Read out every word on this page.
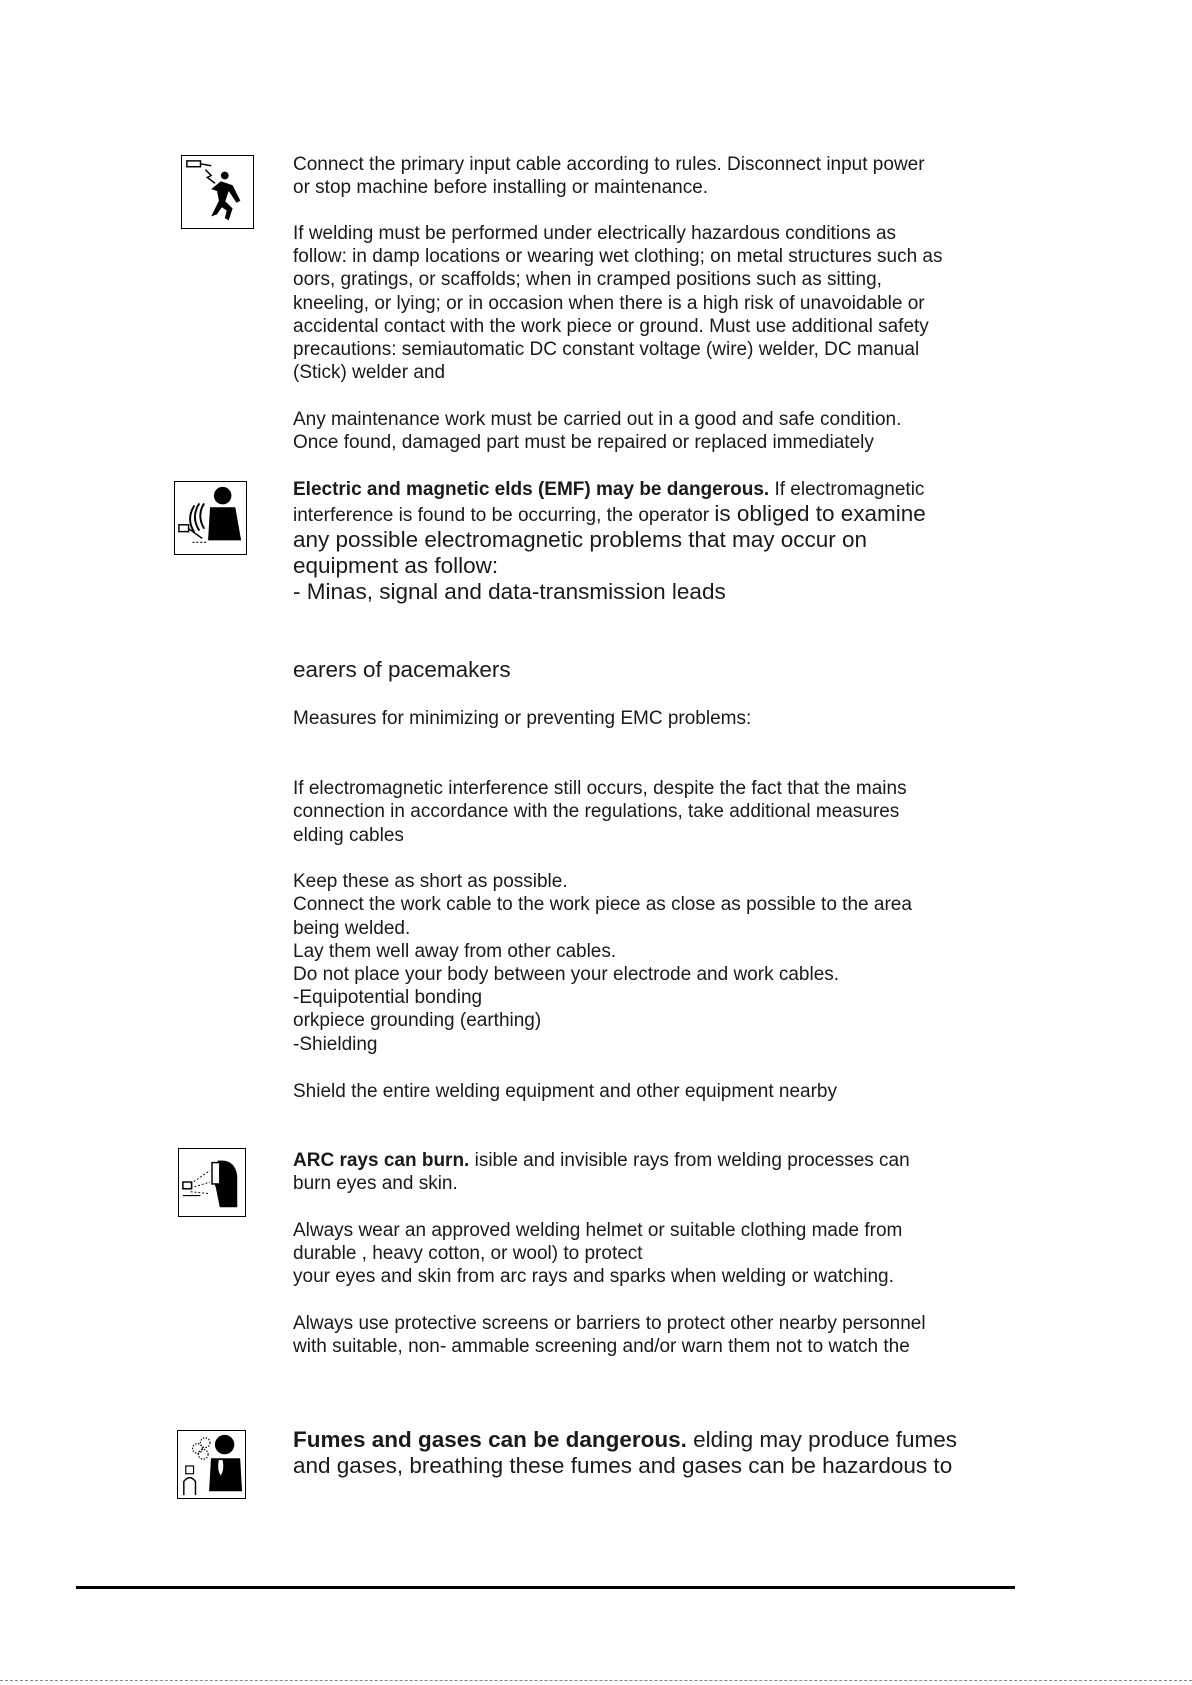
Connect the primary input cable according to rules. Disconnect input power
or stop machine before installing or maintenance.
If welding must be performed under electrically hazardous conditions as
follow: in damp locations or wearing wet clothing; on metal structures such as
oors, gratings, or scaffolds; when in cramped positions such as sitting,
kneeling, or lying; or in occasion when there is a high risk of unavoidable or
accidental contact with the work piece or ground. Must use additional safety
precautions: semiautomatic DC constant voltage (wire) welder, DC manual
(Stick) welder and
Any maintenance work must be carried out in a good and safe condition.
Once found, damaged part must be repaired or replaced immediately
Electric and magnetic elds (EMF) may be dangerous. If electromagnetic
interference is found to be occurring, the operator is obliged to examine
any possible electromagnetic problems that may occur on
equipment as follow:
- Minas, signal and data-transmission leads
earers of pacemakers
Measures for minimizing or preventing EMC problems:
If electromagnetic interference still occurs, despite the fact that the mains
connection in accordance with the regulations, take additional measures
elding cables
Keep these as short as possible.
Connect the work cable to the work piece as close as possible to the area
being welded.
Lay them well away from other cables.
Do not place your body between your electrode and work cables.
-Equipotential bonding
orkpiece grounding (earthing)
-Shielding
Shield the entire welding equipment and other equipment nearby
ARC rays can burn. isible and invisible rays from welding processes can
burn eyes and skin.
Always wear an approved welding helmet or suitable clothing made from
durable , heavy cotton, or wool) to protect
your eyes and skin from arc rays and sparks when welding or watching.
Always use protective screens or barriers to protect other nearby personnel
with suitable, non- ammable screening and/or warn them not to watch the
Fumes and gases can be dangerous. elding may produce fumes
and gases, breathing these fumes and gases can be hazardous to
